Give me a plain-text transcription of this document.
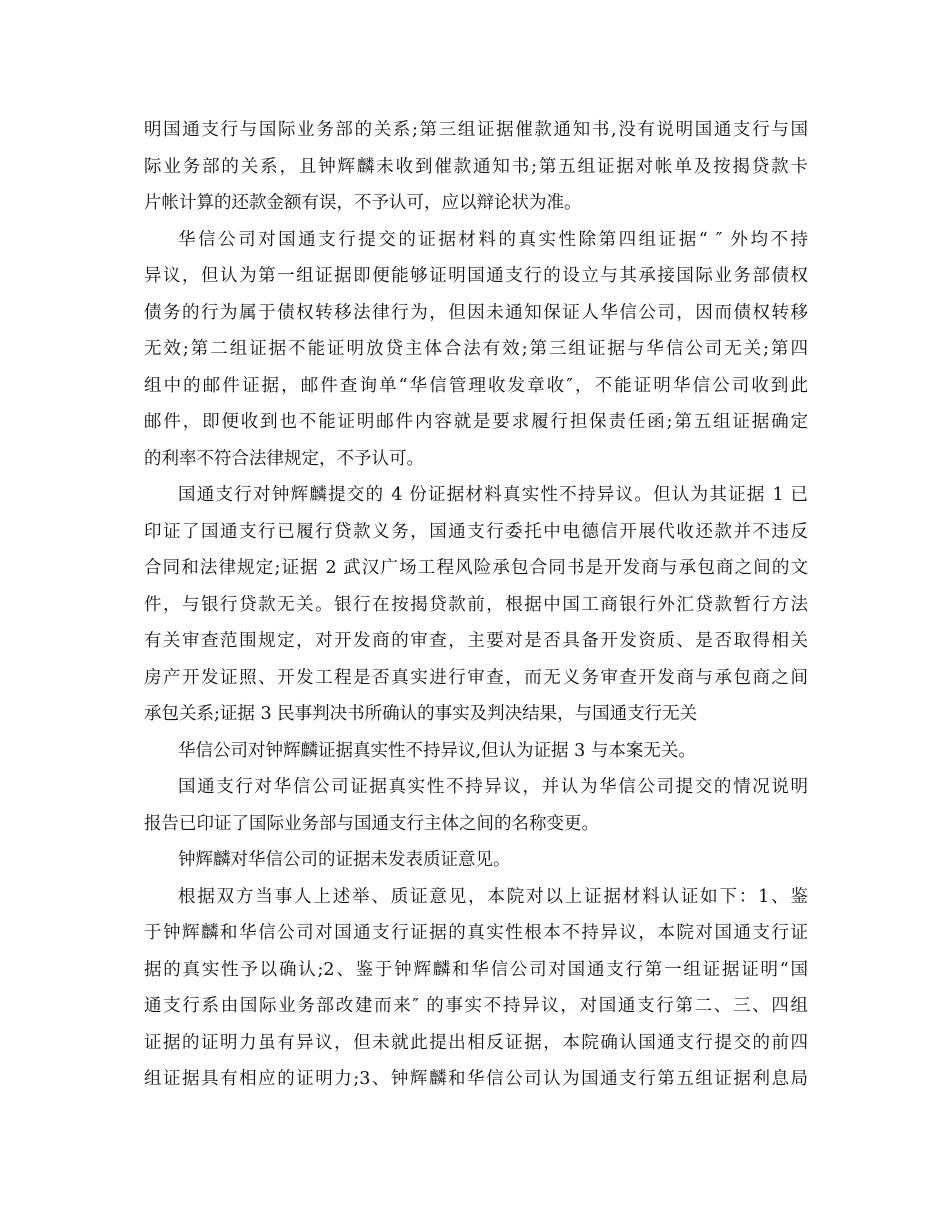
明国通支行与国际业务部的关系;第三组证据催款通知书,没有说明国通支行与国
际业务部的关系，且钟辉麟未收到催款通知书;第五组证据对帐单及按揭贷款卡
片帐计算的还款金额有误，不予认可，应以辩论状为准。
华信公司对国通支行提交的证据材料的真实性除第四组证据“ ″ 外均不持
异议，但认为第一组证据即便能够证明国通支行的设立与其承接国际业务部债权
债务的行为属于债权转移法律行为，但因未通知保证人华信公司，因而债权转移
无效;第二组证据不能证明放贷主体合法有效;第三组证据与华信公司无关;第四
组中的邮件证据，邮件查询单“华信管理收发章收″，不能证明华信公司收到此
邮件，即便收到也不能证明邮件内容就是要求履行担保责任函;第五组证据确定
的利率不符合法律规定，不予认可。
国通支行对钟辉麟提交的 4 份证据材料真实性不持异议。但认为其证据 1 已
印证了国通支行已履行贷款义务，国通支行委托中电德信开展代收还款并不违反
合同和法律规定;证据 2 武汉广场工程风险承包合同书是开发商与承包商之间的文
件，与银行贷款无关。银行在按揭贷款前，根据中国工商银行外汇贷款暂行方法
有关审查范围规定，对开发商的审查，主要对是否具备开发资质、是否取得相关
房产开发证照、开发工程是否真实进行审查，而无义务审查开发商与承包商之间
承包关系;证据 3 民事判决书所确认的事实及判决结果，与国通支行无关
华信公司对钟辉麟证据真实性不持异议,但认为证据 3 与本案无关。
国通支行对华信公司证据真实性不持异议，并认为华信公司提交的情况说明
报告已印证了国际业务部与国通支行主体之间的名称变更。
钟辉麟对华信公司的证据未发表质证意见。
根据双方当事人上述举、质证意见，本院对以上证据材料认证如下：1、鉴
于钟辉麟和华信公司对国通支行证据的真实性根本不持异议，本院对国通支行证
据的真实性予以确认;2、鉴于钟辉麟和华信公司对国通支行第一组证据证明“国
通支行系由国际业务部改建而来″ 的事实不持异议，对国通支行第二、三、四组
证据的证明力虽有异议，但未就此提出相反证据，本院确认国通支行提交的前四
组证据具有相应的证明力;3、钟辉麟和华信公司认为国通支行第五组证据利息局
